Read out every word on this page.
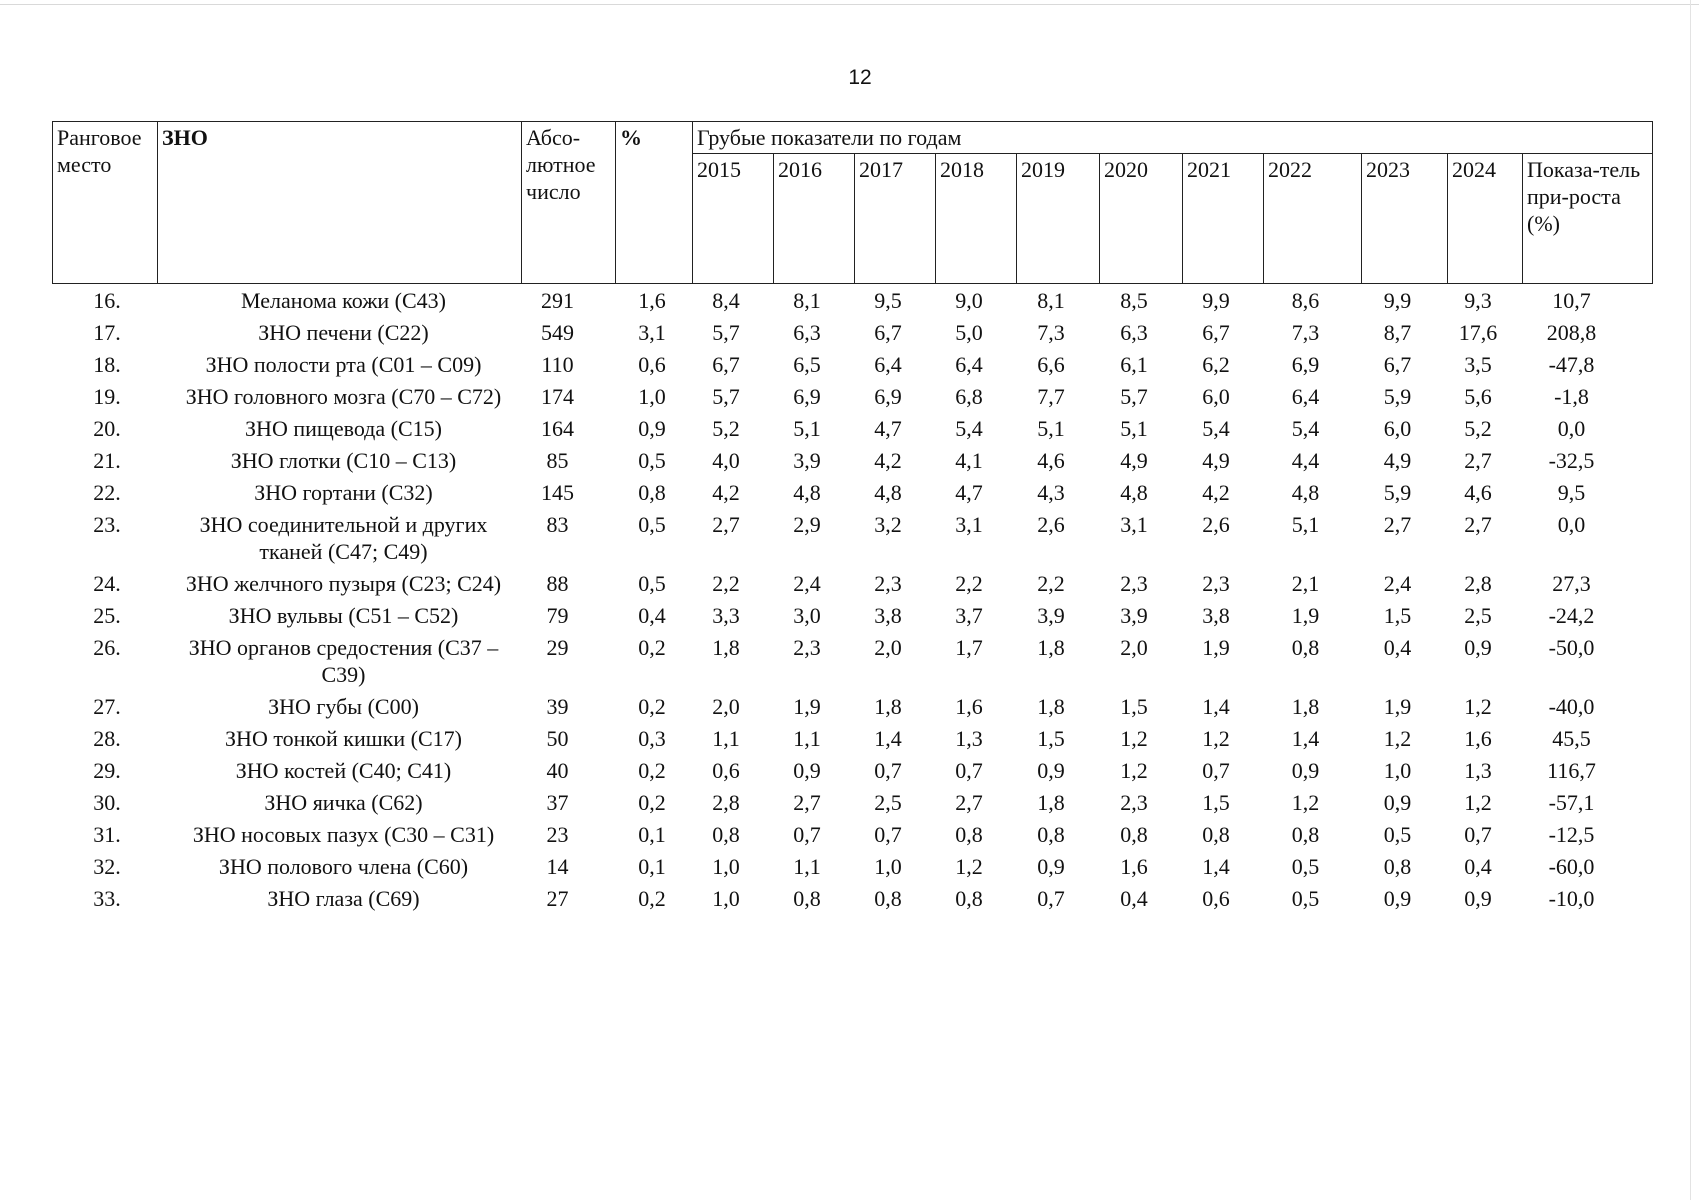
12
Ранговое место	ЗНО	Абсо-лютное число	%	Грубые показатели по годам										
				2015	2016	2017	2018	2019	2020	2021	2022	2023	2024	Показа-тель при-роста (%)
16.	Меланома кожи (С43)	291	1,6	8,4	8,1	9,5	9,0	8,1	8,5	9,9	8,6	9,9	9,3	10,7
17.	ЗНО печени (С22)	549	3,1	5,7	6,3	6,7	5,0	7,3	6,3	6,7	7,3	8,7	17,6	208,8
18.	ЗНО полости рта (С01 – С09)	110	0,6	6,7	6,5	6,4	6,4	6,6	6,1	6,2	6,9	6,7	3,5	-47,8
19.	ЗНО головного мозга (С70 – С72)	174	1,0	5,7	6,9	6,9	6,8	7,7	5,7	6,0	6,4	5,9	5,6	-1,8
20.	ЗНО пищевода (С15)	164	0,9	5,2	5,1	4,7	5,4	5,1	5,1	5,4	5,4	6,0	5,2	0,0
21.	ЗНО глотки (С10 – С13)	85	0,5	4,0	3,9	4,2	4,1	4,6	4,9	4,9	4,4	4,9	2,7	-32,5
22.	ЗНО гортани (С32)	145	0,8	4,2	4,8	4,8	4,7	4,3	4,8	4,2	4,8	5,9	4,6	9,5
23.	ЗНО соединительной и других тканей (С47; С49)	83	0,5	2,7	2,9	3,2	3,1	2,6	3,1	2,6	5,1	2,7	2,7	0,0
24.	ЗНО желчного пузыря (С23; С24)	88	0,5	2,2	2,4	2,3	2,2	2,2	2,3	2,3	2,1	2,4	2,8	27,3
25.	ЗНО вульвы (С51 – С52)	79	0,4	3,3	3,0	3,8	3,7	3,9	3,9	3,8	1,9	1,5	2,5	-24,2
26.	ЗНО органов средостения (С37 – С39)	29	0,2	1,8	2,3	2,0	1,7	1,8	2,0	1,9	0,8	0,4	0,9	-50,0
27.	ЗНО губы (С00)	39	0,2	2,0	1,9	1,8	1,6	1,8	1,5	1,4	1,8	1,9	1,2	-40,0
28.	ЗНО тонкой кишки (С17)	50	0,3	1,1	1,1	1,4	1,3	1,5	1,2	1,2	1,4	1,2	1,6	45,5
29.	ЗНО костей (С40; С41)	40	0,2	0,6	0,9	0,7	0,7	0,9	1,2	0,7	0,9	1,0	1,3	116,7
30.	ЗНО яичка (С62)	37	0,2	2,8	2,7	2,5	2,7	1,8	2,3	1,5	1,2	0,9	1,2	-57,1
31.	ЗНО носовых пазух (С30 – С31)	23	0,1	0,8	0,7	0,7	0,8	0,8	0,8	0,8	0,8	0,5	0,7	-12,5
32.	ЗНО полового члена (С60)	14	0,1	1,0	1,1	1,0	1,2	0,9	1,6	1,4	0,5	0,8	0,4	-60,0
33.	ЗНО глаза (С69)	27	0,2	1,0	0,8	0,8	0,8	0,7	0,4	0,6	0,5	0,9	0,9	-10,0
